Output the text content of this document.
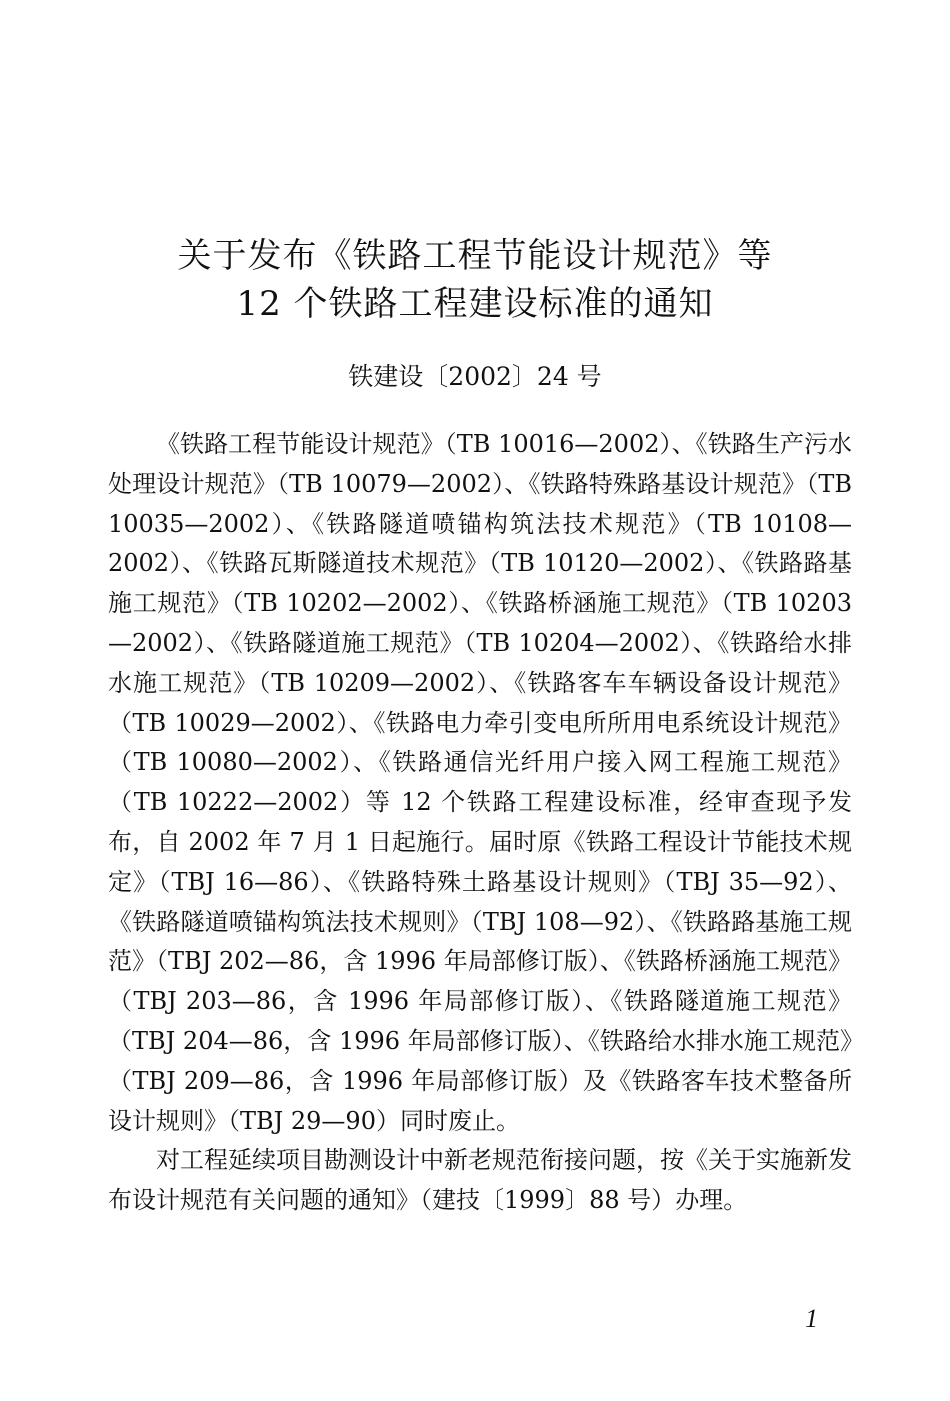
关于发布《铁路工程节能设计规范》等
12 个铁路工程建设标准的通知
铁建设〔2002〕24 号

《铁路工程节能设计规范》（TB 10016—2002）、《铁路生产污水处理设计规范》（TB 10079—2002）、《铁路特殊路基设计规范》（TB 10035—2002）、《铁路隧道喷锚构筑法技术规范》（TB 10108—2002）、《铁路瓦斯隧道技术规范》（TB 10120—2002）、《铁路路基施工规范》（TB 10202—2002）、《铁路桥涵施工规范》（TB 10203—2002）、《铁路隧道施工规范》（TB 10204—2002）、《铁路给水排水施工规范》（TB 10209—2002）、《铁路客车车辆设备设计规范》（TB 10029—2002）、《铁路电力牵引变电所所用电系统设计规范》（TB 10080—2002）、《铁路通信光纤用户接入网工程施工规范》（TB 10222—2002）等 12 个铁路工程建设标准，经审查现予发布，自 2002 年 7 月 1 日起施行。届时原《铁路工程设计节能技术规定》（TBJ 16—86）、《铁路特殊土路基设计规则》（TBJ 35—92）、《铁路隧道喷锚构筑法技术规则》（TBJ 108—92）、《铁路路基施工规范》（TBJ 202—86，含 1996 年局部修订版）、《铁路桥涵施工规范》（TBJ 203—86，含 1996 年局部修订版）、《铁路隧道施工规范》（TBJ 204—86，含 1996 年局部修订版）、《铁路给水排水施工规范》（TBJ 209—86，含 1996 年局部修订版）及《铁路客车技术整备所设计规则》（TBJ 29—90）同时废止。

对工程延续项目勘测设计中新老规范衔接问题，按《关于实施新发布设计规范有关问题的通知》（建技〔1999〕88 号）办理。

1
